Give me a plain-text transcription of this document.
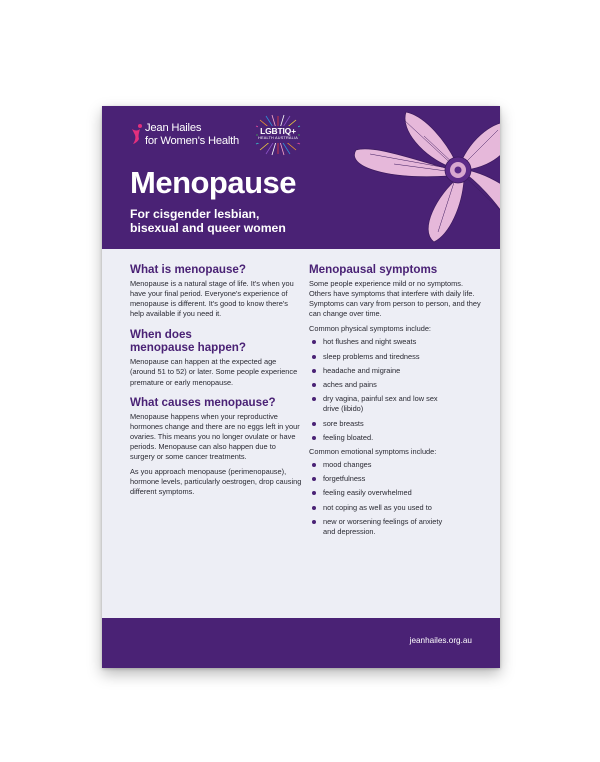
Jean Hailes
for Women's Health
LGBTIQ+
HEALTH AUSTRALIA
Menopause
For cisgender lesbian,
bisexual and queer women
What is menopause?

Menopause is a natural stage of life. It's when you have your final period. Everyone's experience of menopause is different. It's good to know there's help available if you need it.

When does
menopause happen?

Menopause can happen at the expected age (around 51 to 52) or later. Some people experience premature or early menopause.

What causes menopause?

Menopause happens when your reproductive hormones change and there are no eggs left in your ovaries. This means you no longer ovulate or have periods. Menopause can also happen due to surgery or some cancer treatments.

As you approach menopause (perimenopause), hormone levels, particularly oestrogen, drop causing different symptoms.

Menopausal symptoms

Some people experience mild or no symptoms. Others have symptoms that interfere with daily life. Symptoms can vary from person to person, and they can change over time.

Common physical symptoms include:

hot flushes and night sweats
sleep problems and tiredness
headache and migraine
aches and pains
dry vagina, painful sex and low sex drive (libido)
sore breasts
feeling bloated.

Common emotional symptoms include:

mood changes
forgetfulness
feeling easily overwhelmed
not coping as well as you used to
new or worsening feelings of anxiety and depression.
jeanhailes.org.au
